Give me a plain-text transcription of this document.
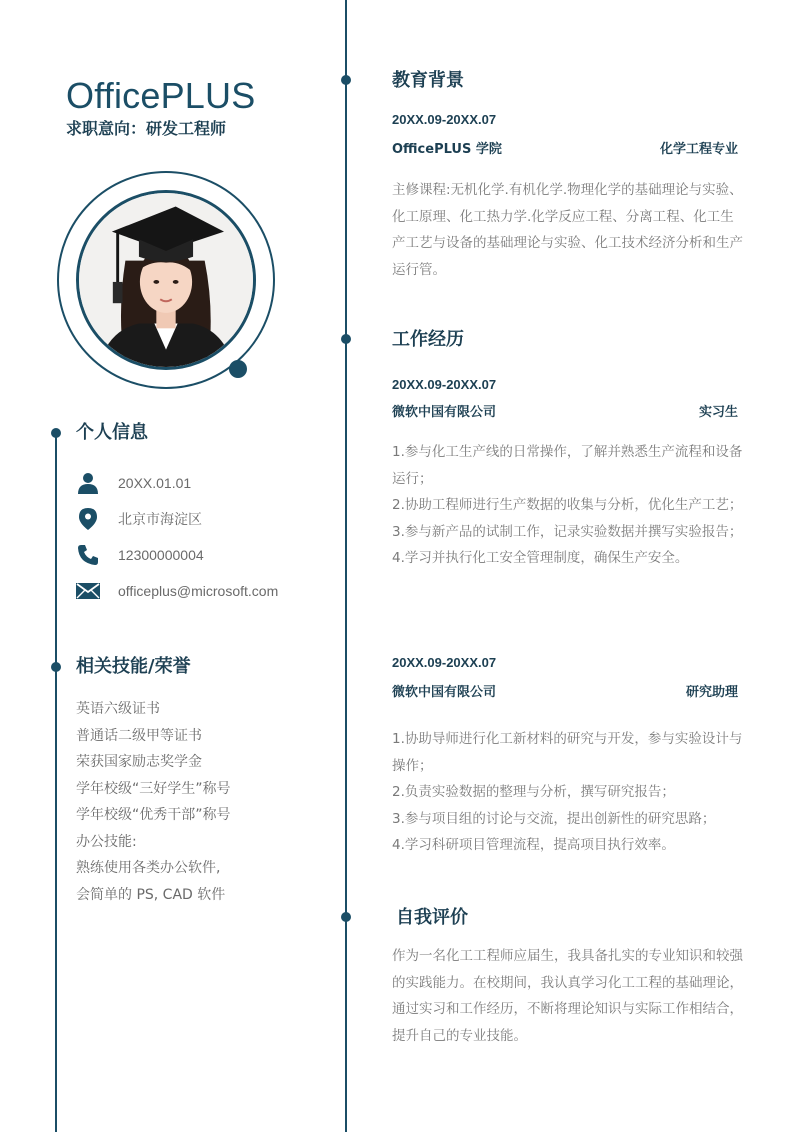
OfficePLUS
求职意向：研发工程师
个人信息
20XX.01.01
北京市海淀区
12300000004
officeplus@microsoft.com
相关技能/荣誉
英语六级证书
普通话二级甲等证书
荣获国家励志奖学金
学年校级“三好学生”称号
学年校级“优秀干部”称号
办公技能:
熟练使用各类办公软件,
会简单的 PS, CAD 软件
教育背景
20XX.09-20XX.07
OfficePLUS 学院	化学工程专业
主修课程:无机化学.有机化学.物理化学的基础理论与实验、化工原理、化工热力学.化学反应工程、分离工程、化工生产工艺与设备的基础理论与实验、化工技术经济分析和生产运行管。
工作经历
20XX.09-20XX.07
微软中国有限公司	实习生
1.参与化工生产线的日常操作，了解并熟悉生产流程和设备运行；
2.协助工程师进行生产数据的收集与分析，优化生产工艺；
3.参与新产品的试制工作，记录实验数据并撰写实验报告；
4.学习并执行化工安全管理制度，确保生产安全。
20XX.09-20XX.07
微软中国有限公司	研究助理
1.协助导师进行化工新材料的研究与开发，参与实验设计与操作；
2.负责实验数据的整理与分析，撰写研究报告；
3.参与项目组的讨论与交流，提出创新性的研究思路；
4.学习科研项目管理流程，提高项目执行效率。
自我评价
作为一名化工工程师应届生，我具备扎实的专业知识和较强的实践能力。在校期间，我认真学习化工工程的基础理论，通过实习和工作经历，不断将理论知识与实际工作相结合，提升自己的专业技能。
